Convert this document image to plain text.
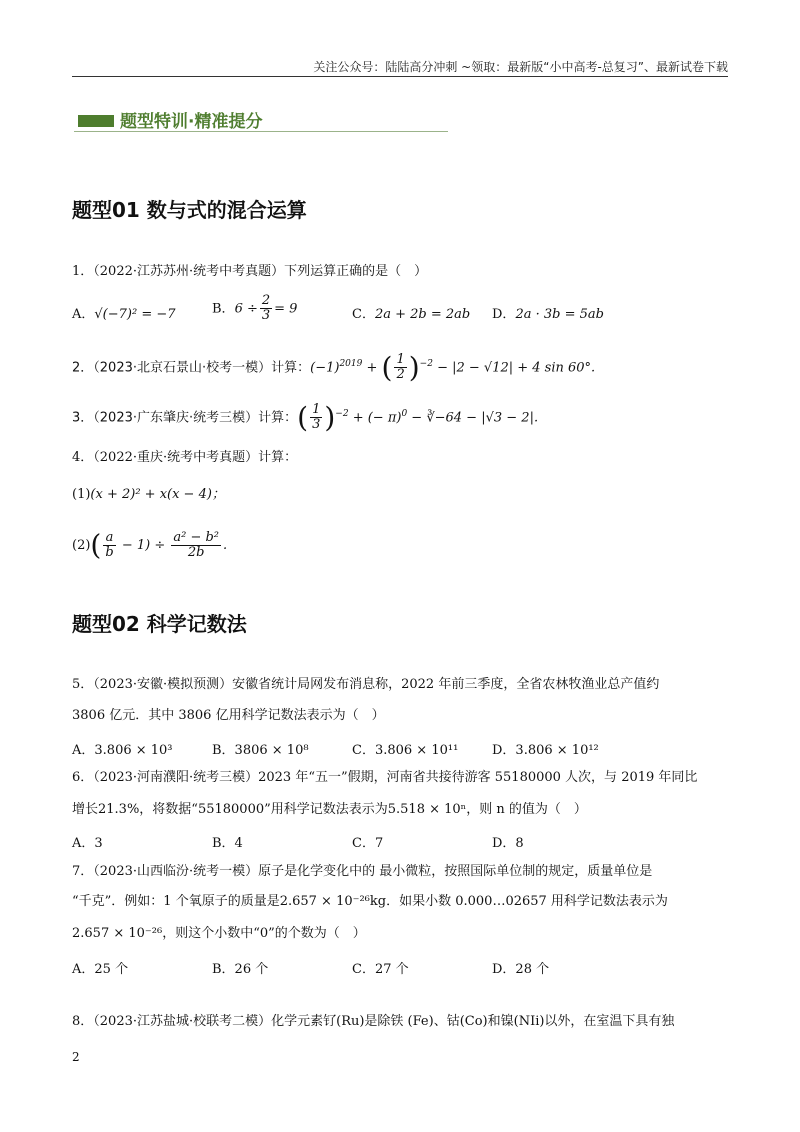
关注公众号：陆陆高分冲刺 ~领取：最新版“小中高考-总复习”、最新试卷下载
题型特训·精准提分
题型01 数与式的混合运算
1．（2022·江苏苏州·统考中考真题）下列运算正确的是（　）
A．√(−7)² = −7	B．$6 \div \frac{2}{3} = 9$	C．2a + 2b = 2ab D．2a · 3b = 5ab
2．（2023·北京石景山·校考一模）计算：$(-1)^{2019}$ + ( $\frac{1}{2} )^{-2} - |2 - √12| + 4$ sin 60°.
3．（2023·广东肇庆·统考三模）计算：( $\frac{1}{3} )^{-2}$ + (− π)$^0$ − ∛−64 − |√3 − 2|.
4．（2022·重庆·统考中考真题）计算：
(1)(x + 2)² + x(x − 4)；
$(2)( \frac{a}{b} - 1) \div \frac{\text{a² − b²}}{2b}$ .
题型02 科学记数法
5．（2023·安徽·模拟预测）安徽省统计局网发布消息称，2022 年前三季度，全省农林牧渔业总产值约
3806 亿元．其中 3806 亿用科学记数法表示为（　）
A．3.806 × 10³	B．3806 × 10⁸	C．3.806 × 10¹¹	D．3.806 × 10¹²
6．（2023·河南濮阳·统考三模）2023 年“五一”假期，河南省共接待游客 55180000 人次，与 2019 年同比
增长21.3%，将数据“55180000”用科学记数法表示为5.518 × 10ⁿ，则 n 的值为（　）
A．3	B．4	C．7	D．8
7．（2023·山西临汾·统考一模）原子是化学变化中的 最小微粒，按照国际单位制的规定，质量单位是
“千克”．例如：1 个氧原子的质量是2.657 × 10⁻²⁶kg．如果小数 0.000…02657 用科学记数法表示为
2.657 × 10⁻²⁶，则这个小数中“0”的个数为（　）
A．25 个	B．26 个	C．27 个	D．28 个
8．（2023·江苏盐城·校联考二模）化学元素钌(Ru)是除铁 (Fe)、钴(Co)和镍(NIi)以外，在室温下具有独
2
